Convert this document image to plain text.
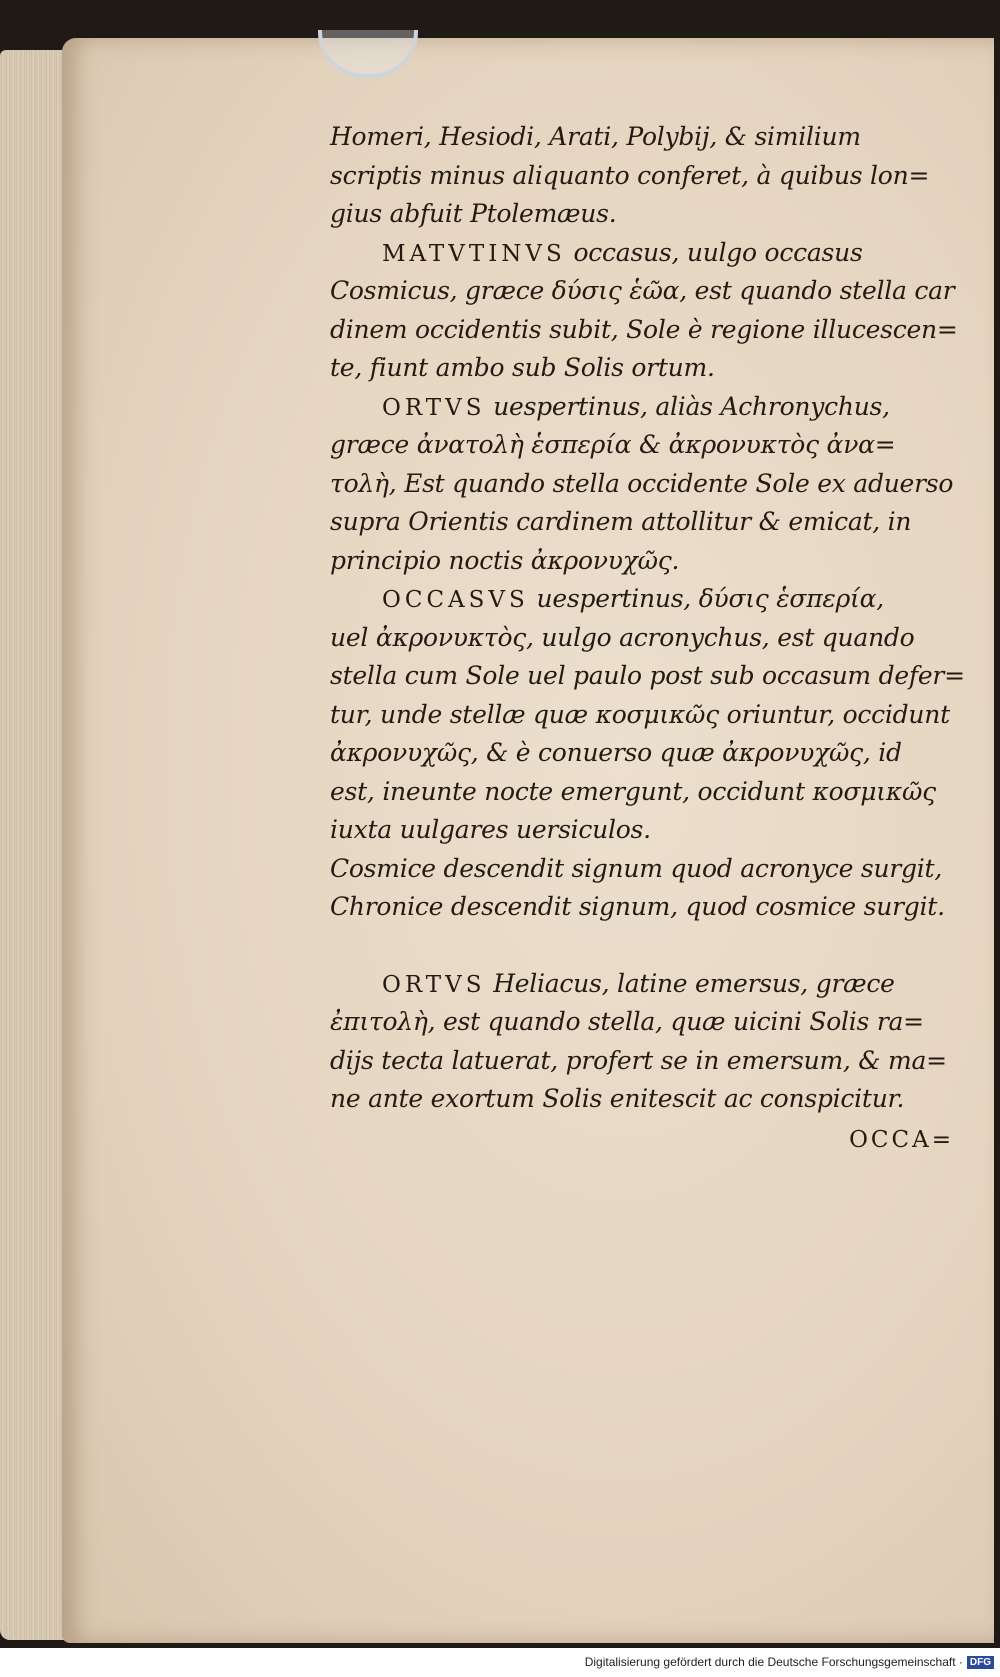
Homeri, Hesiodi, Arati, Polybij, & similium
scriptis minus aliquanto conferet, à quibus lon=
gius abfuit Ptolemæus.
MATVTINVS occasus, uulgo occasus
Cosmicus, græce δύσις ἑῶα, est quando stella car
dinem occidentis subit, Sole è regione illucescen=
te, fiunt ambo sub Solis ortum.
ORTVS uespertinus, aliàs Achronychus,
græce ἀνατολὴ ἑσπερία & ἀκρονυκτὸς ἀνα=
τολὴ, Est quando stella occidente Sole ex aduerso
supra Orientis cardinem attollitur & emicat, in
principio noctis ἀκρονυχῶς.
OCCASVS uespertinus, δύσις ἑσπερία,
uel ἀκρονυκτὸς, uulgo acronychus, est quando
stella cum Sole uel paulo post sub occasum defer=
tur, unde stellæ quæ κοσμικῶς oriuntur, occidunt
ἀκρονυχῶς, & è conuerso quæ ἀκρονυχῶς, id
est, ineunte nocte emergunt, occidunt κοσμικῶς
iuxta uulgares uersiculos.
Cosmice descendit signum quod acronyce surgit,
Chronice descendit signum, quod cosmice surgit.
ORTVS Heliacus, latine emersus, græce
ἐπιτολὴ, est quando stella, quæ uicini Solis ra=
dijs tecta latuerat, profert se in emersum, & ma=
ne ante exortum Solis enitescit ac conspicitur.
OCCA=
Digitalisierung gefördert durch die Deutsche Forschungsgemeinschaft · DFG
